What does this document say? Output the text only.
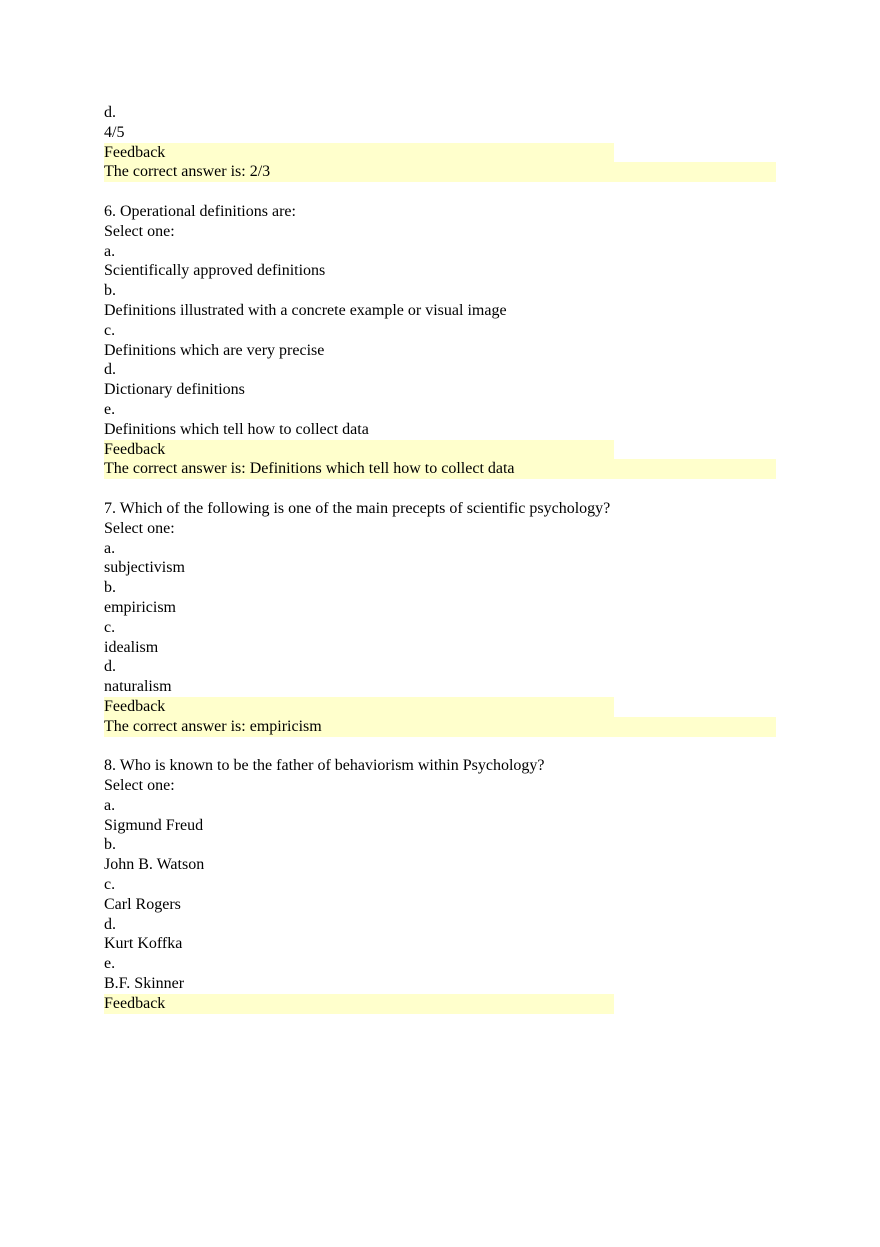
d.
4/5
Feedback
The correct answer is: 2/3
6. Operational definitions are:
Select one:
a.
Scientifically approved definitions
b.
Definitions illustrated with a concrete example or visual image
c.
Definitions which are very precise
d.
Dictionary definitions
e.
Definitions which tell how to collect data
Feedback
The correct answer is: Definitions which tell how to collect data
7. Which of the following is one of the main precepts of scientific psychology?
Select one:
a.
subjectivism
b.
empiricism
c.
idealism
d.
naturalism
Feedback
The correct answer is: empiricism
8. Who is known to be the father of behaviorism within Psychology?
Select one:
a.
Sigmund Freud
b.
John B. Watson
c.
Carl Rogers
d.
Kurt Koffka
e.
B.F. Skinner
Feedback
